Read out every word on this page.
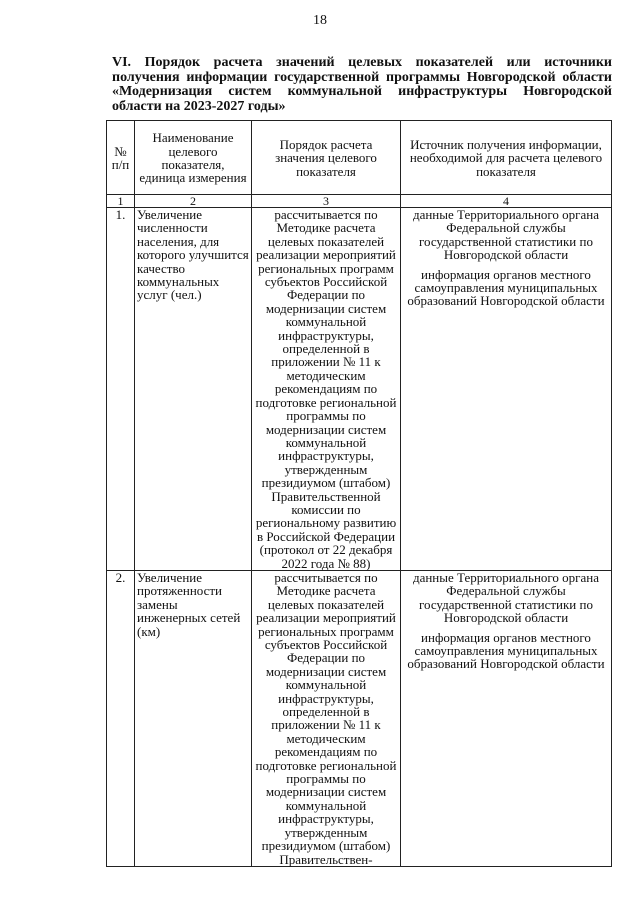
18
VI. Порядок расчета значений целевых показателей или источники получения информации государственной программы Новгородской области «Модернизация систем коммунальной инфраструктуры Новгородской области на 2023-2027 годы»
№ п/п	Наименование целевого показателя, единица измерения	Порядок расчета значения целевого показателя	Источник получения информации, необходимой для расчета целевого показателя
1	2	3	4
1.	Увеличение численности населения, для которого улучшится качество коммунальных услуг (чел.)	рассчитывается по Методике расчета целевых показателей реализации мероприятий региональных программ субъектов Российской Федерации по модернизации систем коммунальной инфраструктуры, определенной в приложении № 11 к методическим рекомендациям по подготовке региональной программы по модернизации систем коммунальной инфраструктуры, утвержденным президиумом (штабом) Правительственной комиссии по региональному развитию в Российской Федерации (протокол от 22 декабря 2022 года № 88)	данные Территориального органа Федеральной службы государственной статистики по Новгородской области
информация органов местного самоуправления муниципальных образований Новгородской области

2.	Увеличение протяженности замены инженерных сетей (км)	рассчитывается по Методике расчета целевых показателей реализации мероприятий региональных программ субъектов Российской Федерации по модернизации систем коммунальной инфраструктуры, определенной в приложении № 11 к методическим рекомендациям по подготовке региональной программы по модернизации систем коммунальной инфраструктуры, утвержденным президиумом (штабом) Правительствен-	данные Территориального органа Федеральной службы государственной статистики по Новгородской области
информация органов местного самоуправления муниципальных образований Новгородской области
